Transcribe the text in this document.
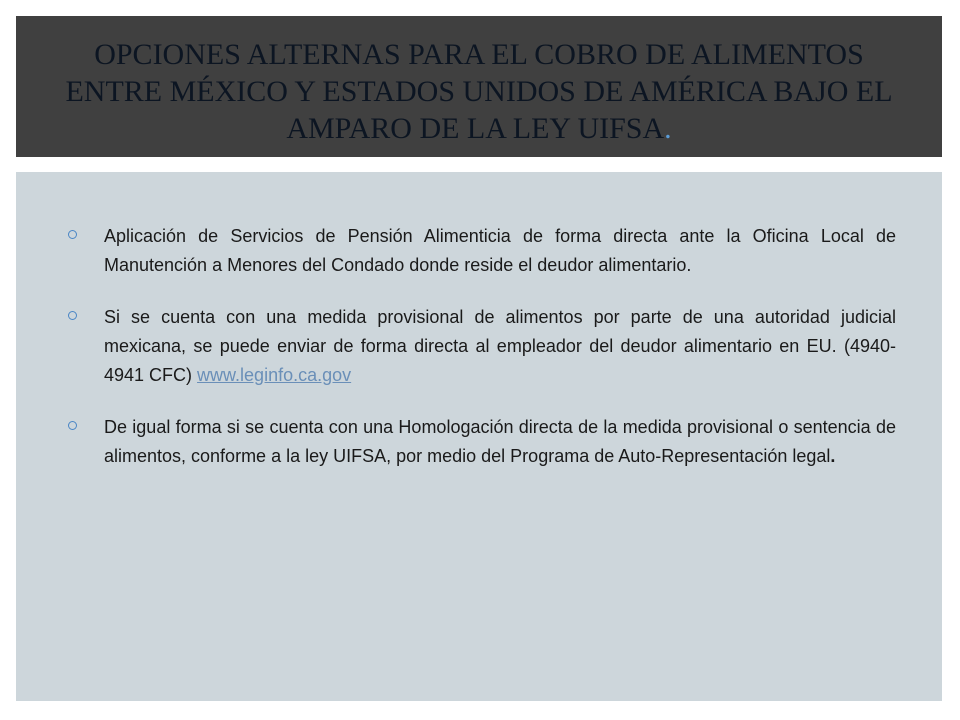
OPCIONES ALTERNAS PARA EL COBRO DE ALIMENTOS ENTRE MÉXICO Y ESTADOS UNIDOS DE AMÉRICA BAJO EL AMPARO DE LA LEY UIFSA.
Aplicación de Servicios de Pensión Alimenticia de forma directa ante la Oficina Local de Manutención a Menores del Condado donde reside el deudor alimentario.
Si se cuenta con una medida provisional de alimentos por parte de una autoridad judicial mexicana, se puede enviar de forma directa al empleador del deudor alimentario en EU. (4940-4941 CFC) www.leginfo.ca.gov
De igual forma si se cuenta con una Homologación directa de la medida provisional o sentencia de alimentos, conforme a la ley UIFSA, por medio del Programa de Auto-Representación legal.
